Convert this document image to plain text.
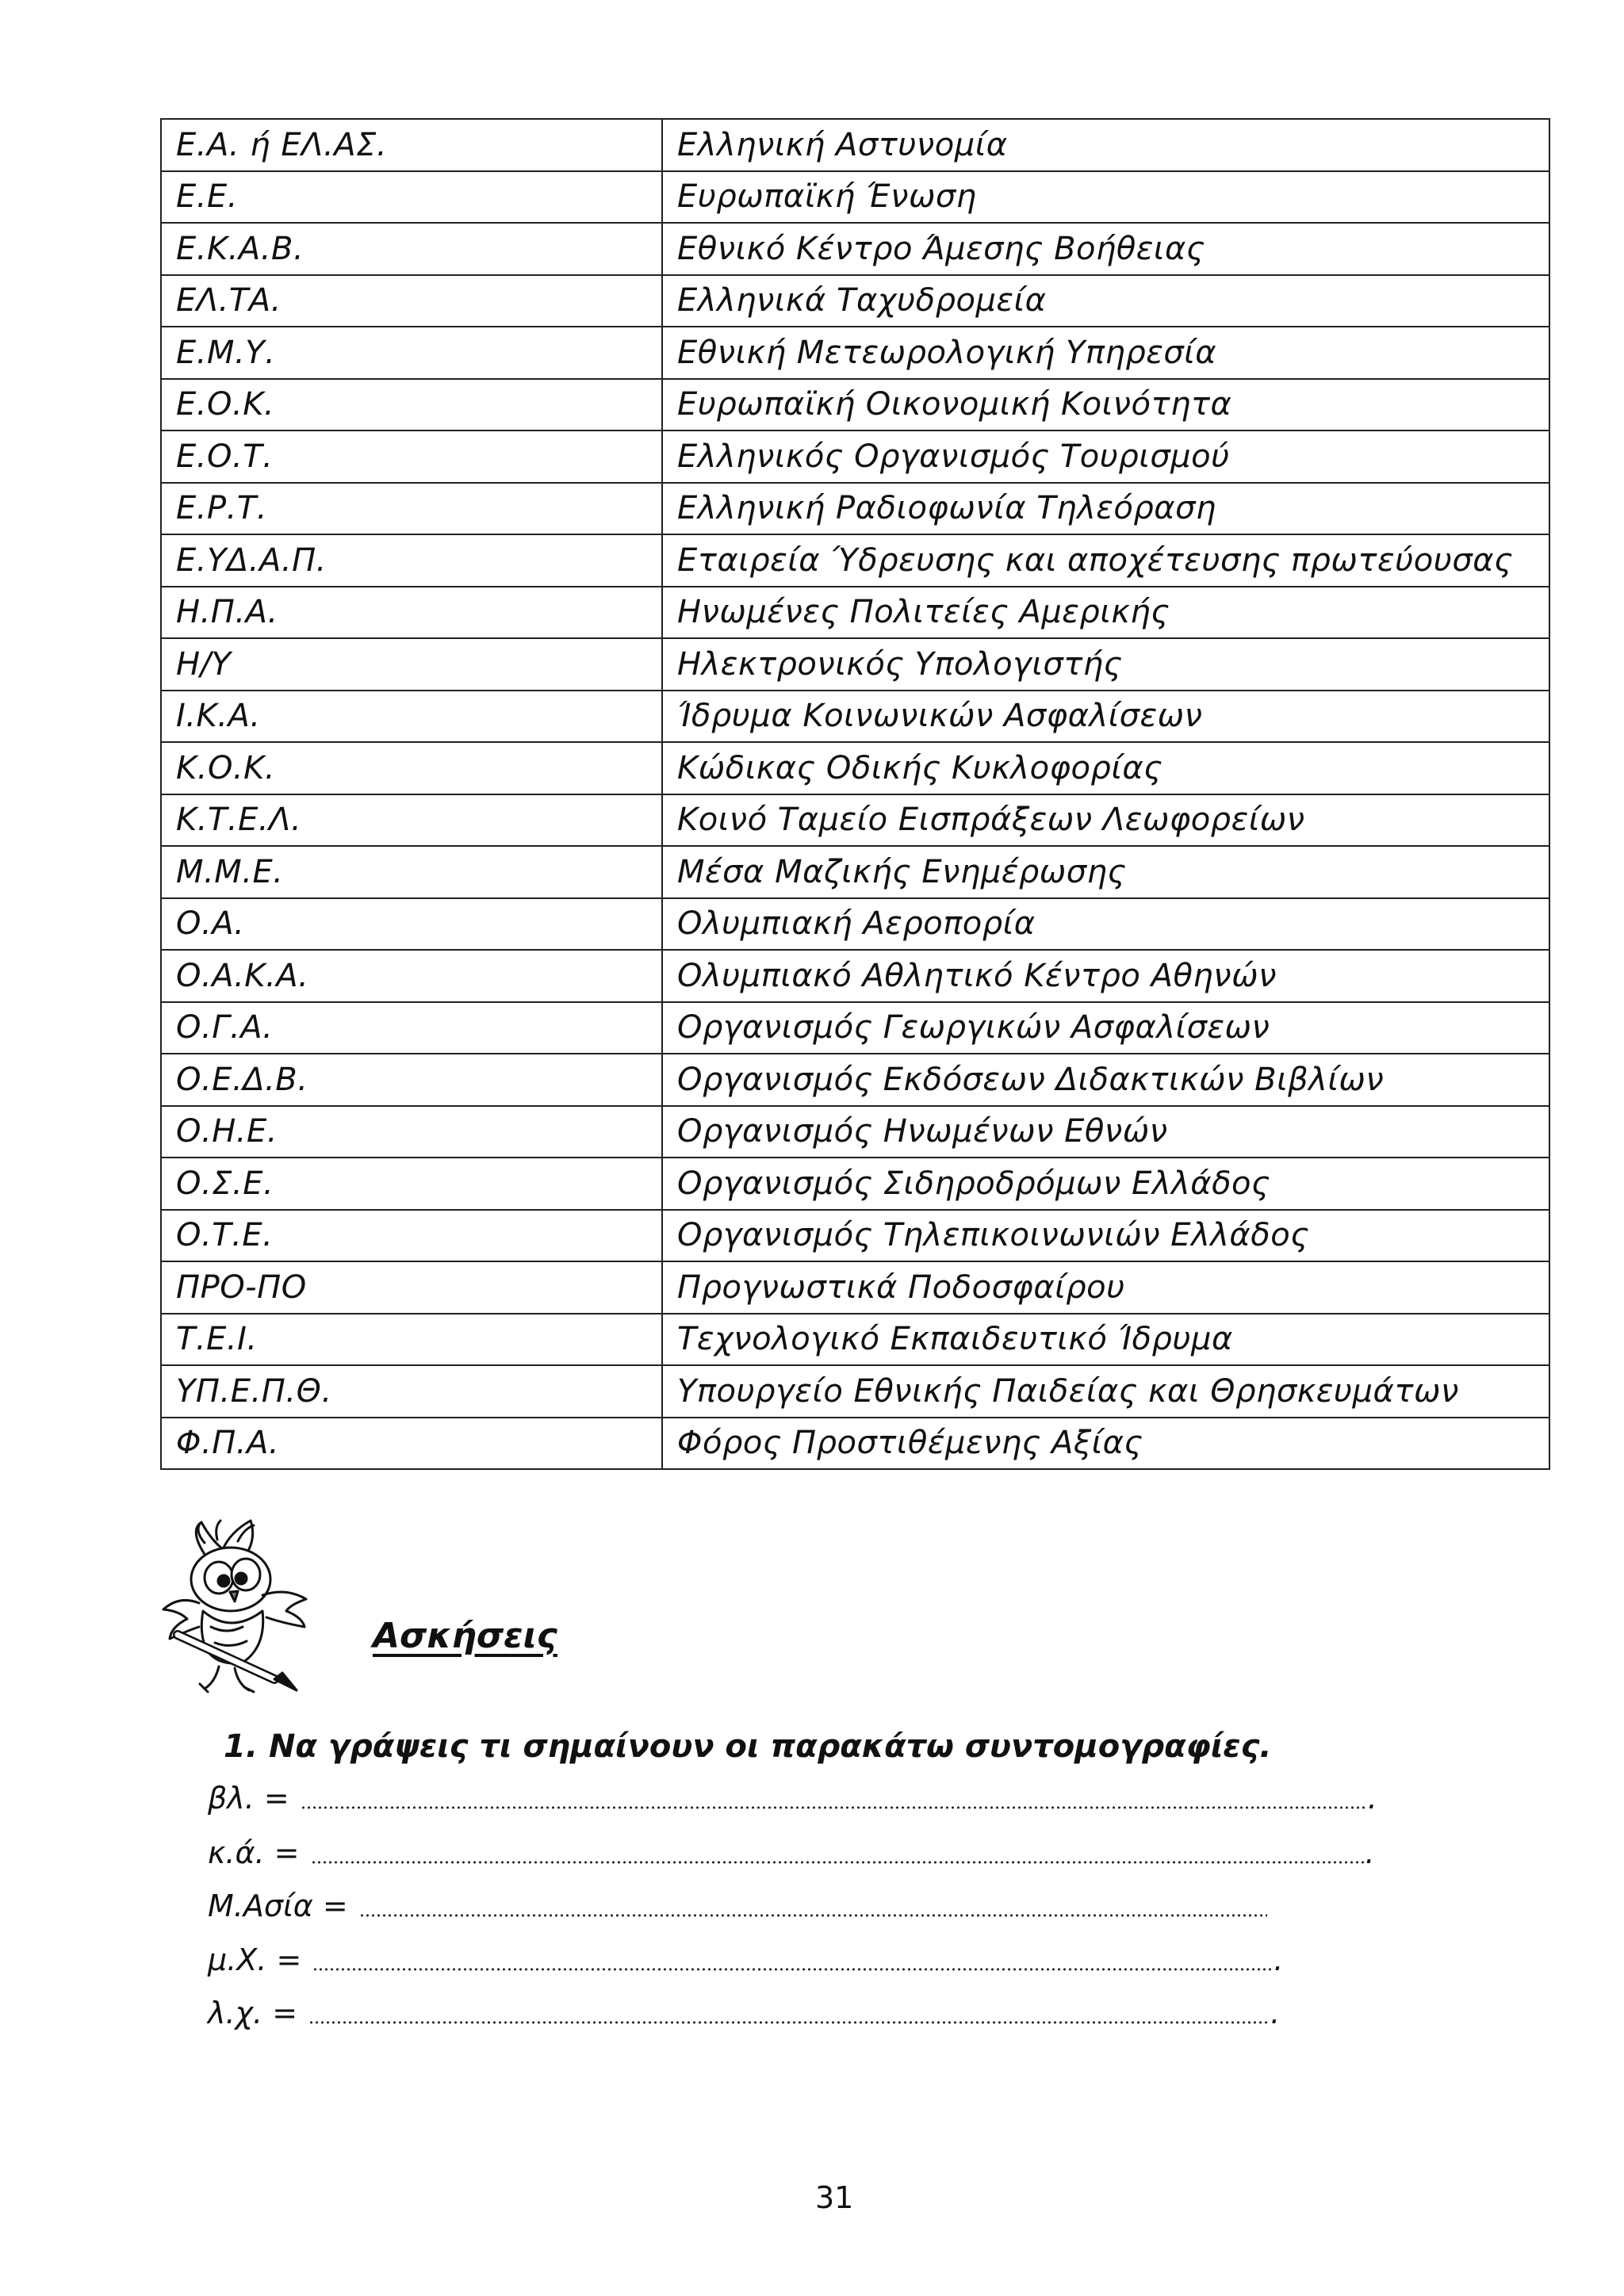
Ε.Α. ή ΕΛ.ΑΣ.	Ελληνική Αστυνομία
Ε.Ε.	Ευρωπαϊκή Ένωση
Ε.Κ.Α.Β.	Εθνικό Κέντρο Άμεσης Βοήθειας
ΕΛ.ΤΑ.	Ελληνικά Ταχυδρομεία
Ε.Μ.Υ.	Εθνική Μετεωρολογική Υπηρεσία
Ε.Ο.Κ.	Ευρωπαϊκή Οικονομική Κοινότητα
Ε.Ο.Τ.	Ελληνικός Οργανισμός Τουρισμού
Ε.Ρ.Τ.	Ελληνική Ραδιοφωνία Τηλεόραση
Ε.ΥΔ.Α.Π.	Εταιρεία Ύδρευσης και αποχέτευσης πρωτεύουσας
Η.Π.Α.	Ηνωμένες Πολιτείες Αμερικής
Η/Υ	Ηλεκτρονικός Υπολογιστής
Ι.Κ.Α.	Ίδρυμα Κοινωνικών Ασφαλίσεων
Κ.Ο.Κ.	Κώδικας Οδικής Κυκλοφορίας
Κ.Τ.Ε.Λ.	Κοινό Ταμείο Εισπράξεων Λεωφορείων
Μ.Μ.Ε.	Μέσα Μαζικής Ενημέρωσης
Ο.Α.	Ολυμπιακή Αεροπορία
Ο.Α.Κ.Α.	Ολυμπιακό Αθλητικό Κέντρο Αθηνών
Ο.Γ.Α.	Οργανισμός Γεωργικών Ασφαλίσεων
Ο.Ε.Δ.Β.	Οργανισμός Εκδόσεων Διδακτικών Βιβλίων
Ο.Η.Ε.	Οργανισμός Ηνωμένων Εθνών
Ο.Σ.Ε.	Οργανισμός Σιδηροδρόμων Ελλάδος
Ο.Τ.Ε.	Οργανισμός Τηλεπικοινωνιών Ελλάδος
ΠΡΟ-ΠΟ	Προγνωστικά Ποδοσφαίρου
Τ.Ε.Ι.	Τεχνολογικό Εκπαιδευτικό Ίδρυμα
ΥΠ.Ε.Π.Θ.	Υπουργείο Εθνικής Παιδείας και Θρησκευμάτων
Φ.Π.Α.	Φόρος Προστιθέμενης Αξίας
Ασκήσεις
1. Να γράψεις τι σημαίνουν οι παρακάτω συντομογραφίες.
βλ. =	.
κ.ά. =	.
Μ.Ασία =
μ.Χ. =	.
λ.χ. =	.
31
